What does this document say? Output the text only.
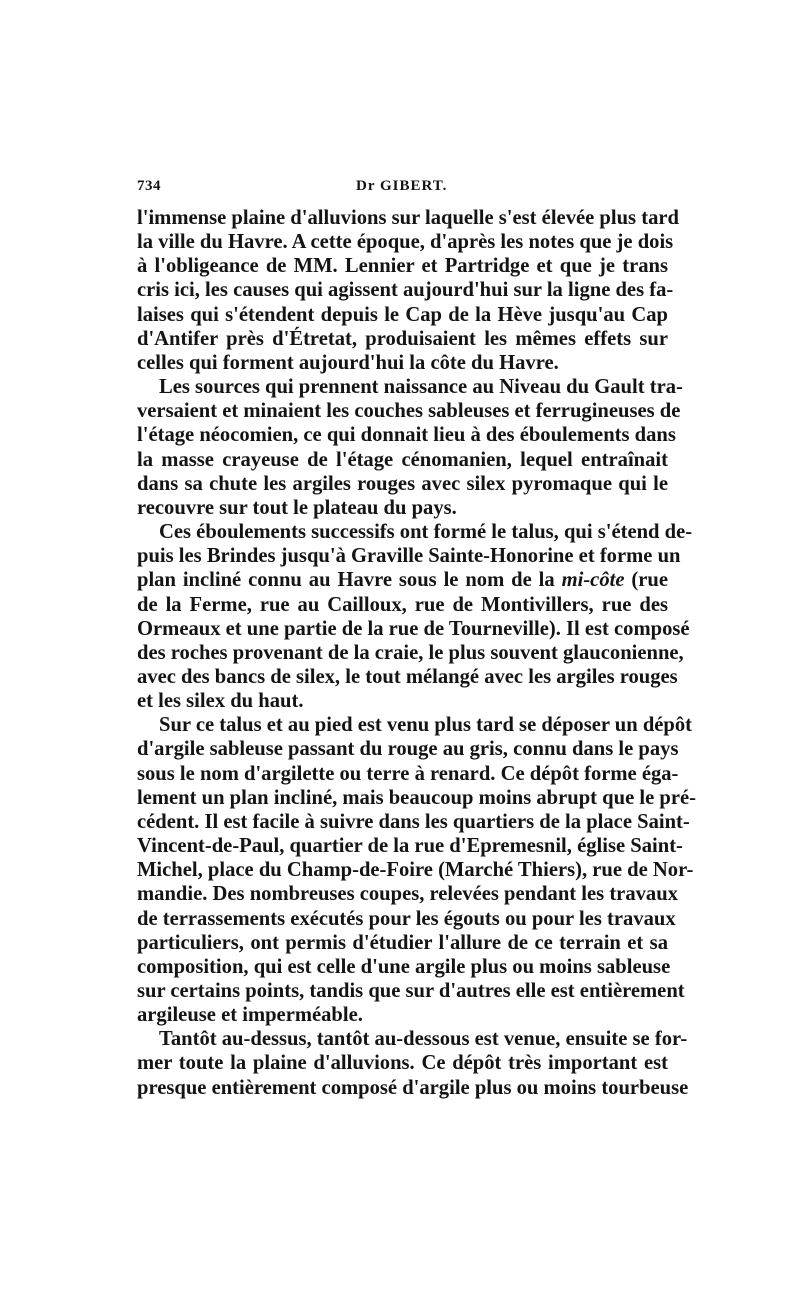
734	Dr GIBERT.

l'immense plaine d'alluvions sur laquelle s'est élevée plus tard
la ville du Havre. A cette époque, d'après les notes que je dois
à l'obligeance de MM. Lennier et Partridge et que je trans
cris ici, les causes qui agissent aujourd'hui sur la ligne des fa-
laises qui s'étendent depuis le Cap de la Hève jusqu'au Cap
d'Antifer près d'Étretat, produisaient les mêmes effets sur
celles qui forment aujourd'hui la côte du Havre.

Les sources qui prennent naissance au Niveau du Gault tra-
versaient et minaient les couches sableuses et ferrugineuses de
l'étage néocomien, ce qui donnait lieu à des éboulements dans
la masse crayeuse de l'étage cénomanien, lequel entraînait
dans sa chute les argiles rouges avec silex pyromaque qui le
recouvre sur tout le plateau du pays.

Ces éboulements successifs ont formé le talus, qui s'étend de-
puis les Brindes jusqu'à Graville Sainte-Honorine et forme un
plan incliné connu au Havre sous le nom de la mi-côte (rue
de la Ferme, rue au Cailloux, rue de Montivillers, rue des
Ormeaux et une partie de la rue de Tourneville). Il est composé
des roches provenant de la craie, le plus souvent glauconienne,
avec des bancs de silex, le tout mélangé avec les argiles rouges
et les silex du haut.

Sur ce talus et au pied est venu plus tard se déposer un dépôt
d'argile sableuse passant du rouge au gris, connu dans le pays
sous le nom d'argilette ou terre à renard. Ce dépôt forme éga-
lement un plan incliné, mais beaucoup moins abrupt que le pré-
cédent. Il est facile à suivre dans les quartiers de la place Saint-
Vincent-de-Paul, quartier de la rue d'Epremesnil, église Saint-
Michel, place du Champ-de-Foire (Marché Thiers), rue de Nor-
mandie. Des nombreuses coupes, relevées pendant les travaux
de terrassements exécutés pour les égouts ou pour les travaux
particuliers, ont permis d'étudier l'allure de ce terrain et sa
composition, qui est celle d'une argile plus ou moins sableuse
sur certains points, tandis que sur d'autres elle est entièrement
argileuse et imperméable.

Tantôt au-dessus, tantôt au-dessous est venue, ensuite se for-
mer toute la plaine d'alluvions. Ce dépôt très important est
presque entièrement composé d'argile plus ou moins tourbeuse
